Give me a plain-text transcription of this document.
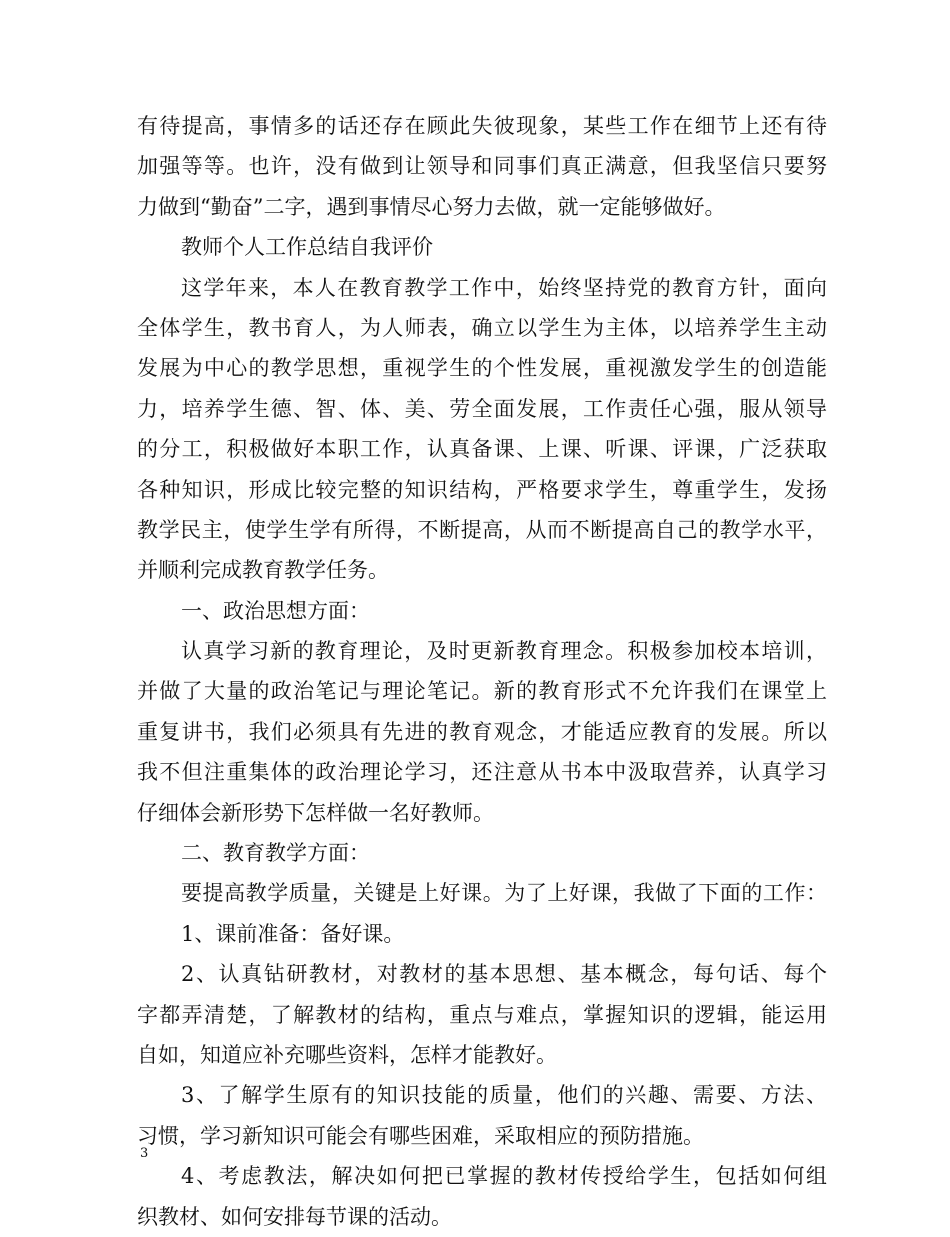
有待提高，事情多的话还存在顾此失彼现象，某些工作在细节上还有待
加强等等。也许，没有做到让领导和同事们真正满意，但我坚信只要努
力做到“勤奋”二字，遇到事情尽心努力去做，就一定能够做好。
教师个人工作总结自我评价
这学年来，本人在教育教学工作中，始终坚持党的教育方针，面向
全体学生，教书育人，为人师表，确立以学生为主体，以培养学生主动
发展为中心的教学思想，重视学生的个性发展，重视激发学生的创造能
力，培养学生德、智、体、美、劳全面发展，工作责任心强，服从领导
的分工，积极做好本职工作，认真备课、上课、听课、评课，广泛获取
各种知识，形成比较完整的知识结构，严格要求学生，尊重学生，发扬
教学民主，使学生学有所得，不断提高，从而不断提高自己的教学水平，
并顺利完成教育教学任务。
一、政治思想方面：
认真学习新的教育理论，及时更新教育理念。积极参加校本培训，
并做了大量的政治笔记与理论笔记。新的教育形式不允许我们在课堂上
重复讲书，我们必须具有先进的教育观念，才能适应教育的发展。所以
我不但注重集体的政治理论学习，还注意从书本中汲取营养，认真学习
仔细体会新形势下怎样做一名好教师。
二、教育教学方面：
要提高教学质量，关键是上好课。为了上好课，我做了下面的工作：
1、课前准备：备好课。
2、认真钻研教材，对教材的基本思想、基本概念，每句话、每个
字都弄清楚，了解教材的结构，重点与难点，掌握知识的逻辑，能运用
自如，知道应补充哪些资料，怎样才能教好。
3、了解学生原有的知识技能的质量，他们的兴趣、需要、方法、
习惯，学习新知识可能会有哪些困难，采取相应的预防措施。
4、考虑教法，解决如何把已掌握的教材传授给学生，包括如何组
织教材、如何安排每节课的活动。
3
